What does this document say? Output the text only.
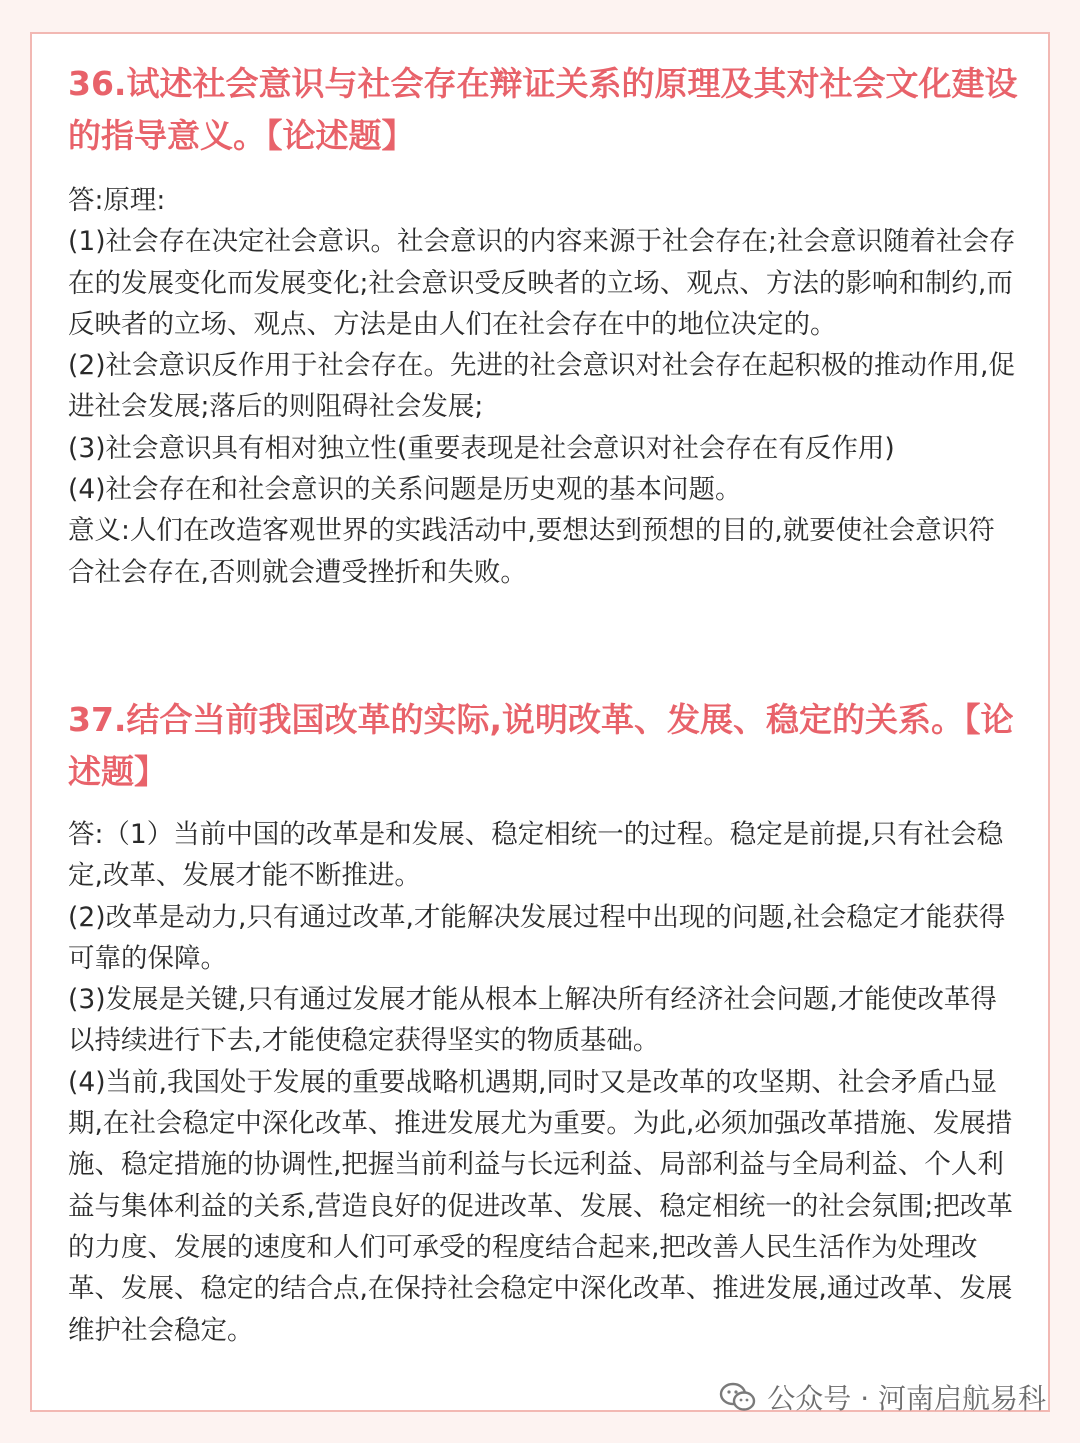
36.试述社会意识与社会存在辩证关系的原理及其对社会文化建设的指导意义。【论述题】

答:原理:

(1)社会存在决定社会意识。社会意识的内容来源于社会存在;社会意识随着社会存在的发展变化而发展变化;社会意识受反映者的立场、观点、方法的影响和制约,而反映者的立场、观点、方法是由人们在社会存在中的地位决定的。

(2)社会意识反作用于社会存在。先进的社会意识对社会存在起积极的推动作用,促进社会发展;落后的则阻碍社会发展;

(3)社会意识具有相对独立性(重要表现是社会意识对社会存在有反作用)

(4)社会存在和社会意识的关系问题是历史观的基本问题。

意义:人们在改造客观世界的实践活动中,要想达到预想的目的,就要使社会意识符合社会存在,否则就会遭受挫折和失败。

37.结合当前我国改革的实际,说明改革、发展、稳定的关系。【论述题】

答:（1）当前中国的改革是和发展、稳定相统一的过程。稳定是前提,只有社会稳定,改革、发展才能不断推进。

(2)改革是动力,只有通过改革,才能解决发展过程中出现的问题,社会稳定才能获得可靠的保障。

(3)发展是关键,只有通过发展才能从根本上解决所有经济社会问题,才能使改革得以持续进行下去,才能使稳定获得坚实的物质基础。

(4)当前,我国处于发展的重要战略机遇期,同时又是改革的攻坚期、社会矛盾凸显期,在社会稳定中深化改革、推进发展尤为重要。为此,必须加强改革措施、发展措施、稳定措施的协调性,把握当前利益与长远利益、局部利益与全局利益、个人利益与集体利益的关系,营造良好的促进改革、发展、稳定相统一的社会氛围;把改革的力度、发展的速度和人们可承受的程度结合起来,把改善人民生活作为处理改革、发展、稳定的结合点,在保持社会稳定中深化改革、推进发展,通过改革、发展维护社会稳定。

公众号 · 河南启航易科
